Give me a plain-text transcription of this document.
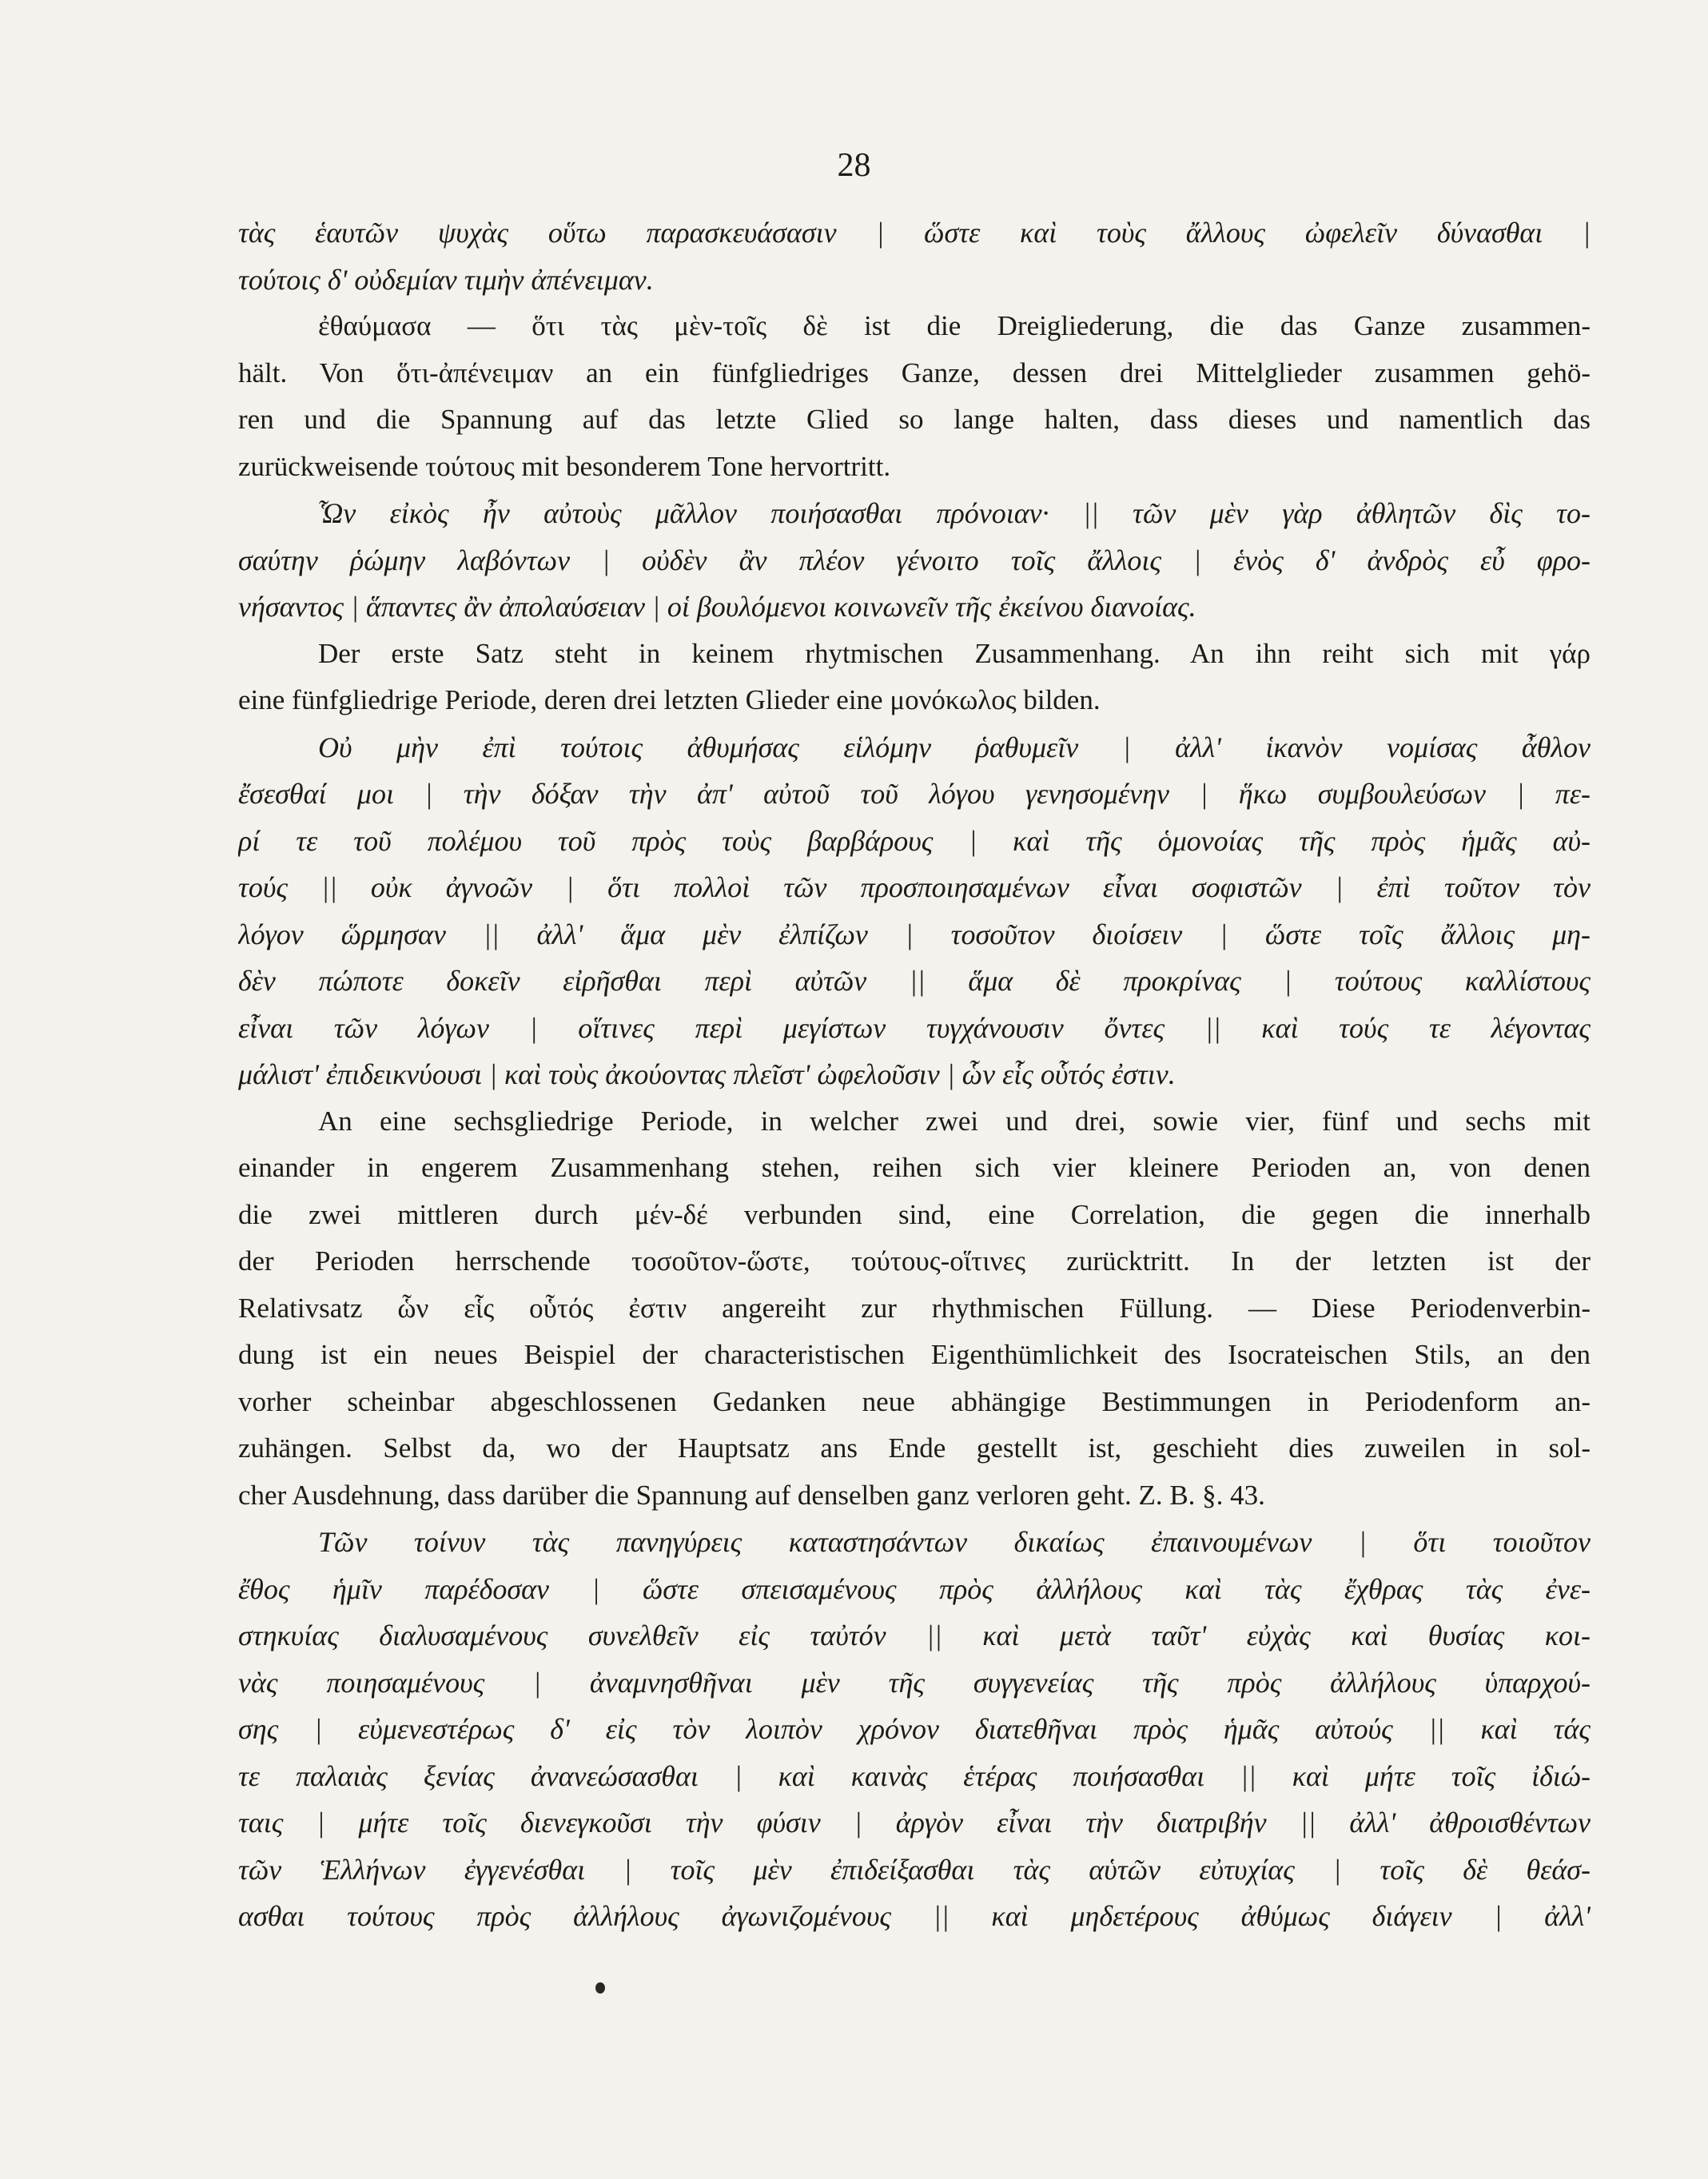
28
τὰς ἑαυτῶν ψυχὰς οὕτω παρασκευάσασιν | ὥστε καὶ τοὺς ἄλλους ὠφελεῖν δύνασθαι |
τούτοις δ' οὐδεμίαν τιμὴν ἀπένειμαν.
ἐθαύμασα — ὅτι τὰς μὲν-τοῖς δὲ ist die Dreigliederung, die das Ganze zusammen-
hält. Von ὅτι-ἀπένειμαν an ein fünfgliedriges Ganze, dessen drei Mittelglieder zusammen gehö-
ren und die Spannung auf das letzte Glied so lange halten, dass dieses und namentlich das
zurückweisende τούτους mit besonderem Tone hervortritt.
Ὧν εἰκὸς ἦν αὐτοὺς μᾶλλον ποιήσασθαι πρόνοιαν· || τῶν μὲν γὰρ ἀθλητῶν δὶς το-
σαύτην ῥώμην λαβόντων | οὐδὲν ἂν πλέον γένοιτο τοῖς ἄλλοις | ἑνὸς δ' ἀνδρὸς εὖ φρο-
νήσαντος | ἅπαντες ἂν ἀπολαύσειαν | οἱ βουλόμενοι κοινωνεῖν τῆς ἐκείνου διανοίας.
Der erste Satz steht in keinem rhytmischen Zusammenhang. An ihn reiht sich mit γάρ
eine fünfgliedrige Periode, deren drei letzten Glieder eine μονόκωλος bilden.
Οὐ μὴν ἐπὶ τούτοις ἀθυμήσας εἱλόμην ῥαθυμεῖν | ἀλλ' ἱκανὸν νομίσας ἆθλον
ἔσεσθαί μοι | τὴν δόξαν τὴν ἀπ' αὐτοῦ τοῦ λόγου γενησομένην | ἥκω συμβουλεύσων | πε-
ρί τε τοῦ πολέμου τοῦ πρὸς τοὺς βαρβάρους | καὶ τῆς ὁμονοίας τῆς πρὸς ἡμᾶς αὐ-
τούς || οὐκ ἀγνοῶν | ὅτι πολλοὶ τῶν προσποιησαμένων εἶναι σοφιστῶν | ἐπὶ τοῦτον τὸν
λόγον ὥρμησαν || ἀλλ' ἅμα μὲν ἐλπίζων | τοσοῦτον διοίσειν | ὥστε τοῖς ἄλλοις μη-
δὲν πώποτε δοκεῖν εἰρῆσθαι περὶ αὐτῶν || ἅμα δὲ προκρίνας | τούτους καλλίστους
εἶναι τῶν λόγων | οἵτινες περὶ μεγίστων τυγχάνουσιν ὄντες || καὶ τούς τε λέγοντας
μάλιστ' ἐπιδεικνύουσι | καὶ τοὺς ἀκούοντας πλεῖστ' ὠφελοῦσιν | ὧν εἷς οὗτός ἐστιν.
An eine sechsgliedrige Periode, in welcher zwei und drei, sowie vier, fünf und sechs mit
einander in engerem Zusammenhang stehen, reihen sich vier kleinere Perioden an, von denen
die zwei mittleren durch μέν-δέ verbunden sind, eine Correlation, die gegen die innerhalb
der Perioden herrschende τοσοῦτον-ὥστε, τούτους-οἵτινες zurücktritt. In der letzten ist der
Relativsatz ὧν εἷς οὗτός ἐστιν angereiht zur rhythmischen Füllung. — Diese Periodenverbin-
dung ist ein neues Beispiel der characteristischen Eigenthümlichkeit des Isocrateischen Stils, an den
vorher scheinbar abgeschlossenen Gedanken neue abhängige Bestimmungen in Periodenform an-
zuhängen. Selbst da, wo der Hauptsatz ans Ende gestellt ist, geschieht dies zuweilen in sol-
cher Ausdehnung, dass darüber die Spannung auf denselben ganz verloren geht. Z. B. §. 43.
Τῶν τοίνυν τὰς πανηγύρεις καταστησάντων δικαίως ἐπαινουμένων | ὅτι τοιοῦτον
ἔθος ἡμῖν παρέδοσαν | ὥστε σπεισαμένους πρὸς ἀλλήλους καὶ τὰς ἔχθρας τὰς ἐνε-
στηκυίας διαλυσαμένους συνελθεῖν εἰς ταὐτόν || καὶ μετὰ ταῦτ' εὐχὰς καὶ θυσίας κοι-
νὰς ποιησαμένους | ἀναμνησθῆναι μὲν τῆς συγγενείας τῆς πρὸς ἀλλήλους ὑπαρχού-
σης | εὐμενεστέρως δ' εἰς τὸν λοιπὸν χρόνον διατεθῆναι πρὸς ἡμᾶς αὐτούς || καὶ τάς
τε παλαιὰς ξενίας ἀνανεώσασθαι | καὶ καινὰς ἑτέρας ποιήσασθαι || καὶ μήτε τοῖς ἰδιώ-
ταις | μήτε τοῖς διενεγκοῦσι τὴν φύσιν | ἀργὸν εἶναι τὴν διατριβήν || ἀλλ' ἀθροισθέντων
τῶν Ἑλλήνων ἐγγενέσθαι | τοῖς μὲν ἐπιδείξασθαι τὰς αὑτῶν εὐτυχίας | τοῖς δὲ θεάσ-
ασθαι τούτους πρὸς ἀλλήλους ἀγωνιζομένους || καὶ μηδετέρους ἀθύμως διάγειν | ἀλλ'
